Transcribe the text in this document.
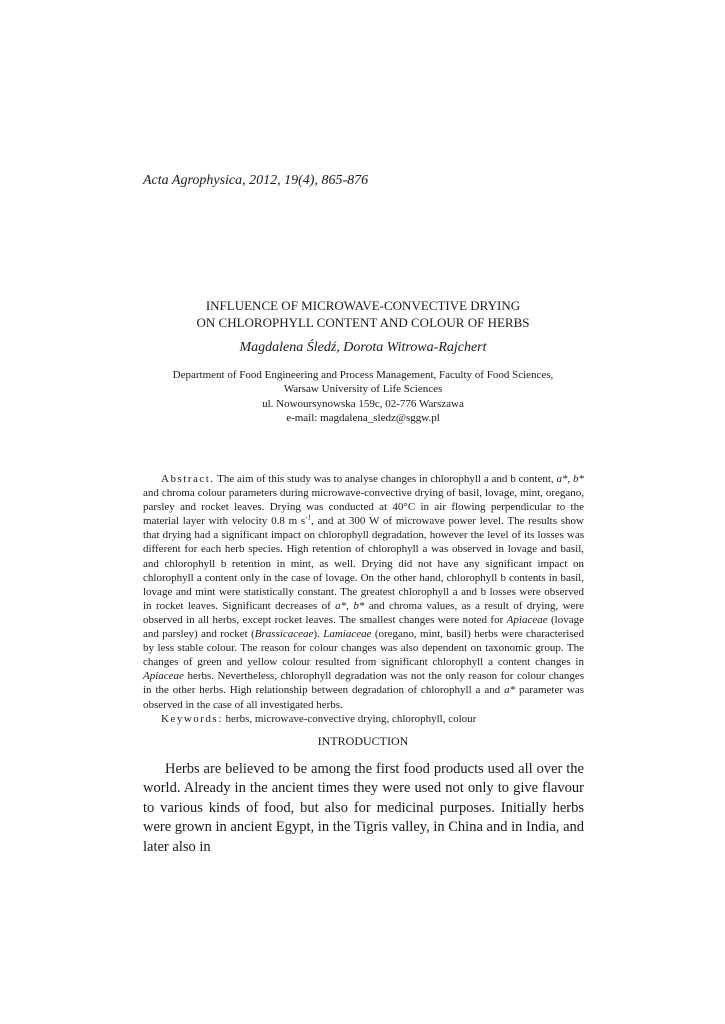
Acta Agrophysica, 2012, 19(4), 865-876
INFLUENCE OF MICROWAVE-CONVECTIVE DRYING
ON CHLOROPHYLL CONTENT AND COLOUR OF HERBS
Magdalena Śledź, Dorota Witrowa-Rajchert
Department of Food Engineering and Process Management, Faculty of Food Sciences,
Warsaw University of Life Sciences
ul. Nowoursynowska 159c, 02-776 Warszawa
e-mail: magdalena_sledz@sggw.pl

Abstract. The aim of this study was to analyse changes in chlorophyll a and b content, a*, b* and chroma colour parameters during microwave-convective drying of basil, lovage, mint, oregano, parsley and rocket leaves. Drying was conducted at 40°C in air flowing perpendicular to the material layer with velocity 0.8 m $s^{-1}$, and at 300 W of microwave power level. The results show that drying had a significant impact on chlorophyll degradation, however the level of its losses was different for each herb species. High retention of chlorophyll a was observed in lovage and basil, and chlorophyll b retention in mint, as well. Drying did not have any significant impact on chlorophyll a content only in the case of lovage. On the other hand, chlorophyll b contents in basil, lovage and mint were statistically constant. The greatest chlorophyll a and b losses were observed in rocket leaves. Significant decreases of a*, b* and chroma values, as a result of drying, were observed in all herbs, except rocket leaves. The smallest changes were noted for Apiaceae (lovage and parsley) and rocket (Brassicaceae). Lamiaceae (oregano, mint, basil) herbs were characterised by less stable colour. The reason for colour changes was also dependent on taxonomic group. The changes of green and yellow colour resulted from significant chlorophyll a content changes in Apiaceae herbs. Nevertheless, chlorophyll degradation was not the only reason for colour changes in the other herbs. High relationship between degradation of chlorophyll a and a* parameter was observed in the case of all investigated herbs.

Keywords: herbs, microwave-convective drying, chlorophyll, colour

INTRODUCTION

Herbs are believed to be among the first food products used all over the world. Already in the ancient times they were used not only to give flavour to various kinds of food, but also for medicinal purposes. Initially herbs were grown in ancient Egypt, in the Tigris valley, in China and in India, and later also in
